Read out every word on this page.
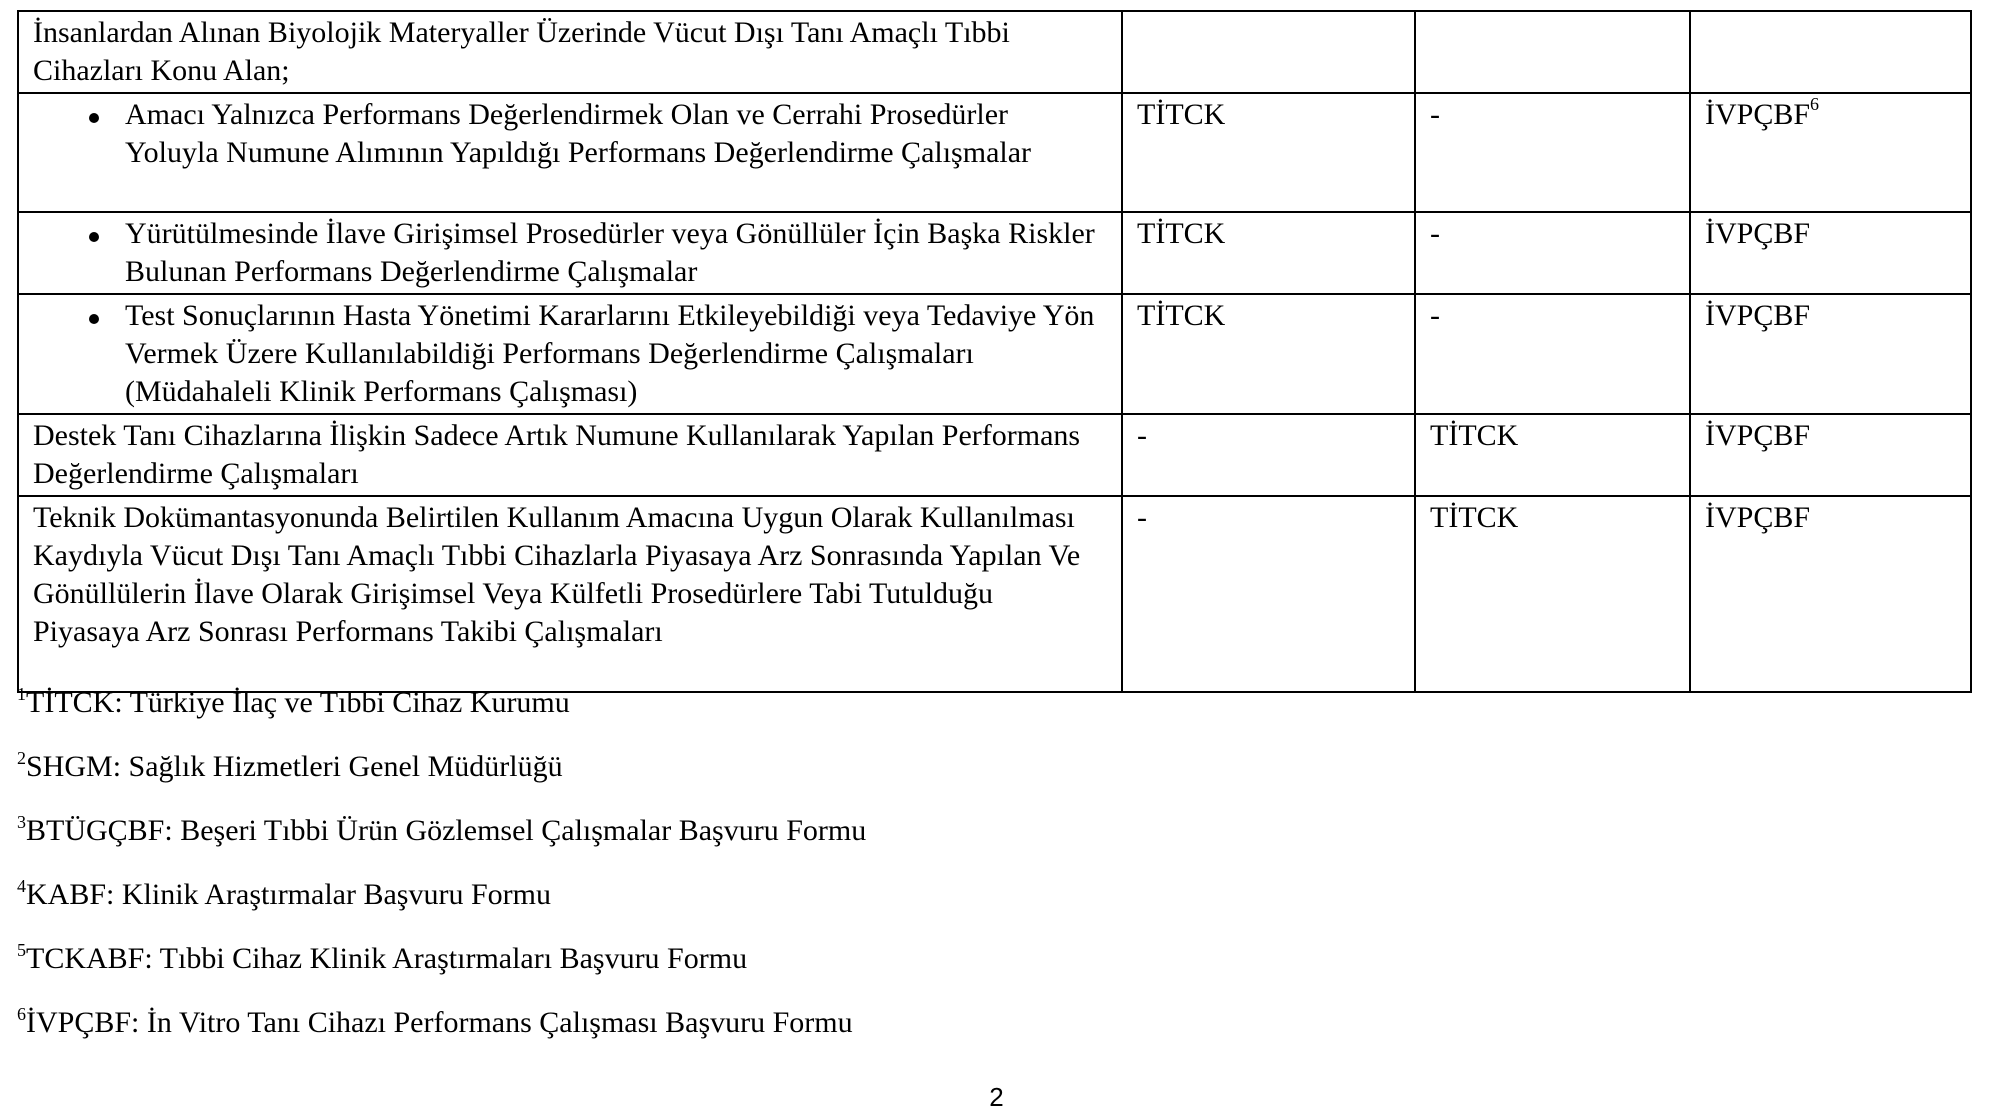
İnsanlardan Alınan Biyolojik Materyaller Üzerinde Vücut Dışı Tanı Amaçlı Tıbbi Cihazları Konu Alan;			

Amacı Yalnızca Performans Değerlendirmek Olan ve Cerrahi Prosedürler Yoluyla Numune Alımının Yapıldığı Performans Değerlendirme Çalışmalar	TİTCK	-	İVPÇBF$^6$

Yürütülmesinde İlave Girişimsel Prosedürler veya Gönüllüler İçin Başka Riskler Bulunan Performans Değerlendirme Çalışmalar	TİTCK	-	İVPÇBF

Test Sonuçlarının Hasta Yönetimi Kararlarını Etkileyebildiği veya Tedaviye Yön Vermek Üzere Kullanılabildiği Performans Değerlendirme Çalışmaları (Müdahaleli Klinik Performans Çalışması)	TİTCK	-	İVPÇBF
Destek Tanı Cihazlarına İlişkin Sadece Artık Numune Kullanılarak Yapılan Performans Değerlendirme Çalışmaları	-	TİTCK	İVPÇBF
Teknik Dokümantasyonunda Belirtilen Kullanım Amacına Uygun Olarak Kullanılması Kaydıyla Vücut Dışı Tanı Amaçlı Tıbbi Cihazlarla Piyasaya Arz Sonrasında Yapılan Ve Gönüllülerin İlave Olarak Girişimsel Veya Külfetli Prosedürlere Tabi Tutulduğu Piyasaya Arz Sonrası Performans Takibi Çalışmaları	-	TİTCK	İVPÇBF
$^1$TİTCK: Türkiye İlaç ve Tıbbi Cihaz Kurumu
$^2$SHGM: Sağlık Hizmetleri Genel Müdürlüğü
$^3$BTÜGÇBF: Beşeri Tıbbi Ürün Gözlemsel Çalışmalar Başvuru Formu
$^4$KABF: Klinik Araştırmalar Başvuru Formu
$^5$TCKABF: Tıbbi Cihaz Klinik Araştırmaları Başvuru Formu
$^6$İVPÇBF: İn Vitro Tanı Cihazı Performans Çalışması Başvuru Formu
2
